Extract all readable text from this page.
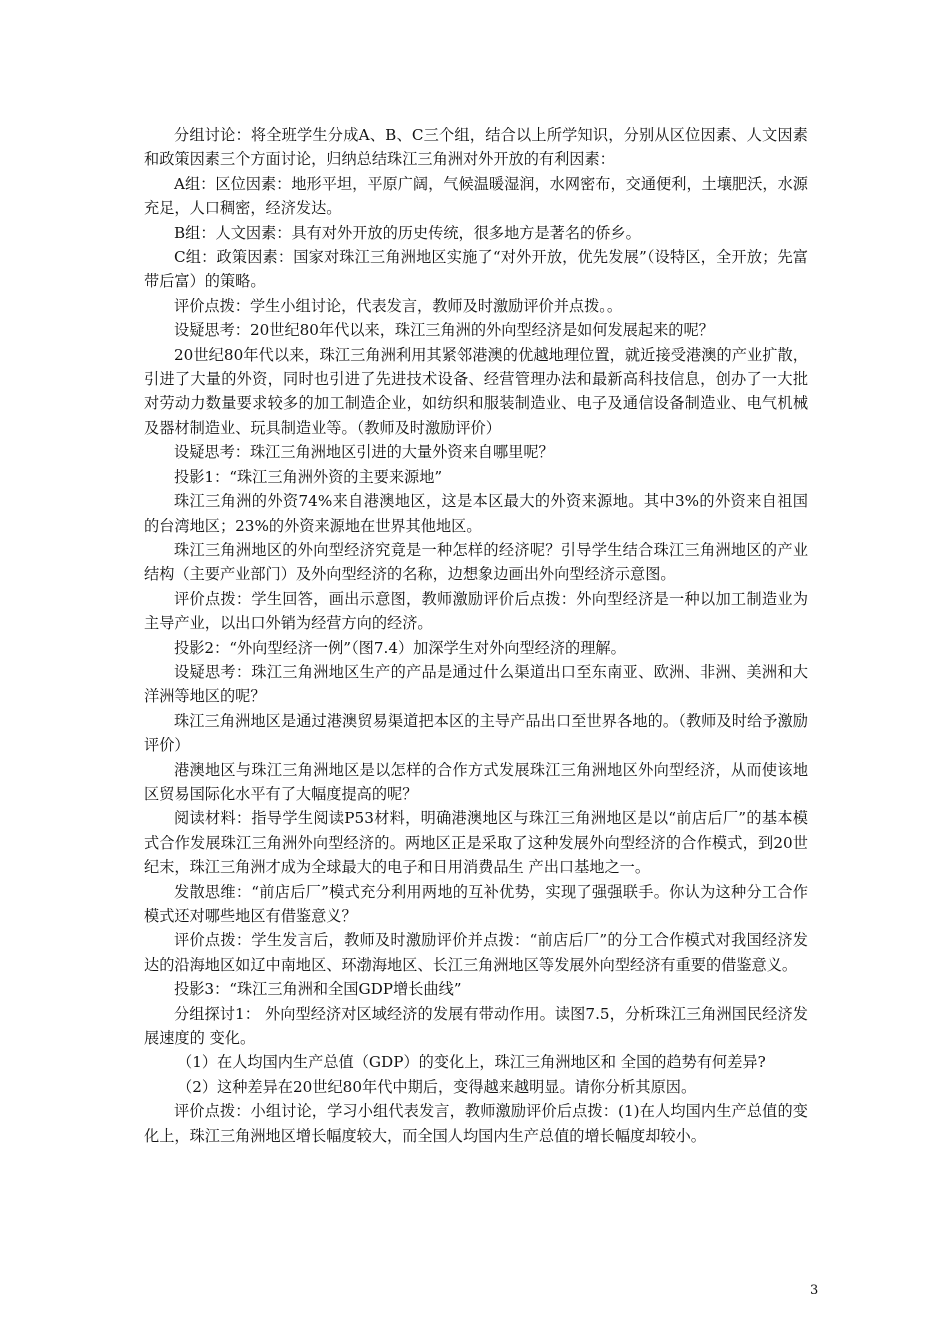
分组讨论：将全班学生分成A、B、C三个组，结合以上所学知识，分别从区位因素、人文因素和政策因素三个方面讨论，归纳总结珠江三角洲对外开放的有利因素：

A组：区位因素：地形平坦，平原广阔，气候温暖湿润，水网密布，交通便利，土壤肥沃，水源充足，人口稠密，经济发达。

B组：人文因素：具有对外开放的历史传统，很多地方是著名的侨乡。

C组：政策因素：国家对珠江三角洲地区实施了“对外开放，优先发展”（设特区，全开放；先富带后富）的策略。

评价点拨：学生小组讨论，代表发言，教师及时激励评价并点拨。。

设疑思考：20世纪80年代以来，珠江三角洲的外向型经济是如何发展起来的呢？

20世纪80年代以来，珠江三角洲利用其紧邻港澳的优越地理位置，就近接受港澳的产业扩散，引进了大量的外资，同时也引进了先进技术设备、经营管理办法和最新高科技信息，创办了一大批对劳动力数量要求较多的加工制造企业，如纺织和服装制造业、电子及通信设备制造业、电气机械及器材制造业、玩具制造业等。（教师及时激励评价）

设疑思考：珠江三角洲地区引进的大量外资来自哪里呢？

投影1：“珠江三角洲外资的主要来源地”

珠江三角洲的外资74%来自港澳地区，这是本区最大的外资来源地。其中3%的外资来自祖国的台湾地区；23%的外资来源地在世界其他地区。

珠江三角洲地区的外向型经济究竟是一种怎样的经济呢？引导学生结合珠江三角洲地区的产业结构（主要产业部门）及外向型经济的名称，边想象边画出外向型经济示意图。

评价点拨：学生回答，画出示意图，教师激励评价后点拨：外向型经济是一种以加工制造业为主导产业，以出口外销为经营方向的经济。

投影2：“外向型经济一例”（图7.4）加深学生对外向型经济的理解。

设疑思考：珠江三角洲地区生产的产品是通过什么渠道出口至东南亚、欧洲、非洲、美洲和大洋洲等地区的呢？

珠江三角洲地区是通过港澳贸易渠道把本区的主导产品出口至世界各地的。（教师及时给予激励评价）

港澳地区与珠江三角洲地区是以怎样的合作方式发展珠江三角洲地区外向型经济，从而使该地区贸易国际化水平有了大幅度提高的呢？

阅读材料：指导学生阅读P53材料，明确港澳地区与珠江三角洲地区是以“前店后厂”的基本模式合作发展珠江三角洲外向型经济的。两地区正是采取了这种发展外向型经济的合作模式，到20世纪末，珠江三角洲才成为全球最大的电子和日用消费品生 产出口基地之一。

发散思维：“前店后厂”模式充分利用两地的互补优势，实现了强强联手。你认为这种分工合作模式还对哪些地区有借鉴意义？

评价点拨：学生发言后，教师及时激励评价并点拨：“前店后厂”的分工合作模式对我国经济发达的沿海地区如辽中南地区、环渤海地区、长江三角洲地区等发展外向型经济有重要的借鉴意义。

投影3：“珠江三角洲和全国GDP增长曲线”

分组探讨1： 外向型经济对区域经济的发展有带动作用。读图7.5，分析珠江三角洲国民经济发展速度的 变化。

（1）在人均国内生产总值（GDP）的变化上，珠江三角洲地区和 全国的趋势有何差异?

（2）这种差异在20世纪80年代中期后，变得越来越明显。请你分析其原因。

评价点拨：小组讨论，学习小组代表发言，教师激励评价后点拨：(1)在人均国内生产总值的变化上，珠江三角洲地区增长幅度较大，而全国人均国内生产总值的增长幅度却较小。

3
